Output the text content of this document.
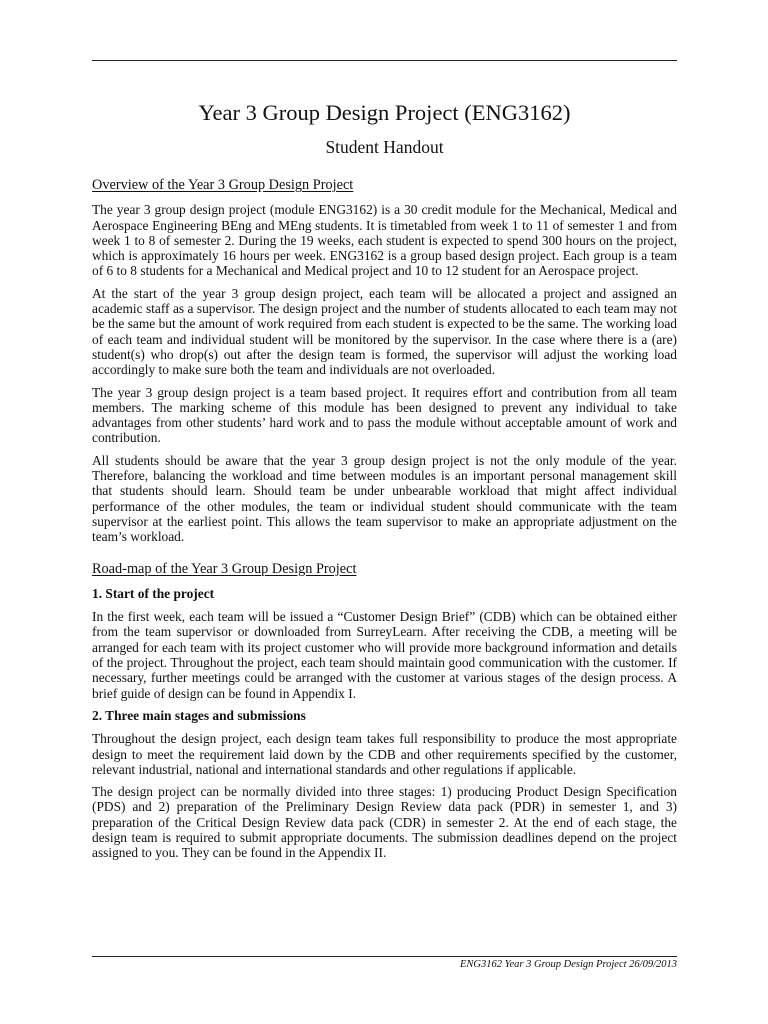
Year 3 Group Design Project (ENG3162)
Student Handout
Overview of the Year 3 Group Design Project

The year 3 group design project (module ENG3162) is a 30 credit module for the Mechanical, Medical and Aerospace Engineering BEng and MEng students. It is timetabled from week 1 to 11 of semester 1 and from week 1 to 8 of semester 2. During the 19 weeks, each student is expected to spend 300 hours on the project, which is approximately 16 hours per week. ENG3162 is a group based design project. Each group is a team of 6 to 8 students for a Mechanical and Medical project and 10 to 12 student for an Aerospace project.

At the start of the year 3 group design project, each team will be allocated a project and assigned an academic staff as a supervisor. The design project and the number of students allocated to each team may not be the same but the amount of work required from each student is expected to be the same. The working load of each team and individual student will be monitored by the supervisor. In the case where there is a (are) student(s) who drop(s) out after the design team is formed, the supervisor will adjust the working load accordingly to make sure both the team and individuals are not overloaded.

The year 3 group design project is a team based project. It requires effort and contribution from all team members. The marking scheme of this module has been designed to prevent any individual to take advantages from other students’ hard work and to pass the module without acceptable amount of work and contribution.

All students should be aware that the year 3 group design project is not the only module of the year. Therefore, balancing the workload and time between modules is an important personal management skill that students should learn. Should team be under unbearable workload that might affect individual performance of the other modules, the team or individual student should communicate with the team supervisor at the earliest point. This allows the team supervisor to make an appropriate adjustment on the team’s workload.

Road-map of the Year 3 Group Design Project
1. Start of the project

In the first week, each team will be issued a “Customer Design Brief” (CDB) which can be obtained either from the team supervisor or downloaded from SurreyLearn. After receiving the CDB, a meeting will be arranged for each team with its project customer who will provide more background information and details of the project. Throughout the project, each team should maintain good communication with the customer. If necessary, further meetings could be arranged with the customer at various stages of the design process. A brief guide of design can be found in Appendix I.

2. Three main stages and submissions

Throughout the design project, each design team takes full responsibility to produce the most appropriate design to meet the requirement laid down by the CDB and other requirements specified by the customer, relevant industrial, national and international standards and other regulations if applicable.

The design project can be normally divided into three stages: 1) producing Product Design Specification (PDS) and 2) preparation of the Preliminary Design Review data pack (PDR) in semester 1, and 3) preparation of the Critical Design Review data pack (CDR) in semester 2. At the end of each stage, the design team is required to submit appropriate documents. The submission deadlines depend on the project assigned to you. They can be found in the Appendix II.

ENG3162 Year 3 Group Design Project 26/09/2013
